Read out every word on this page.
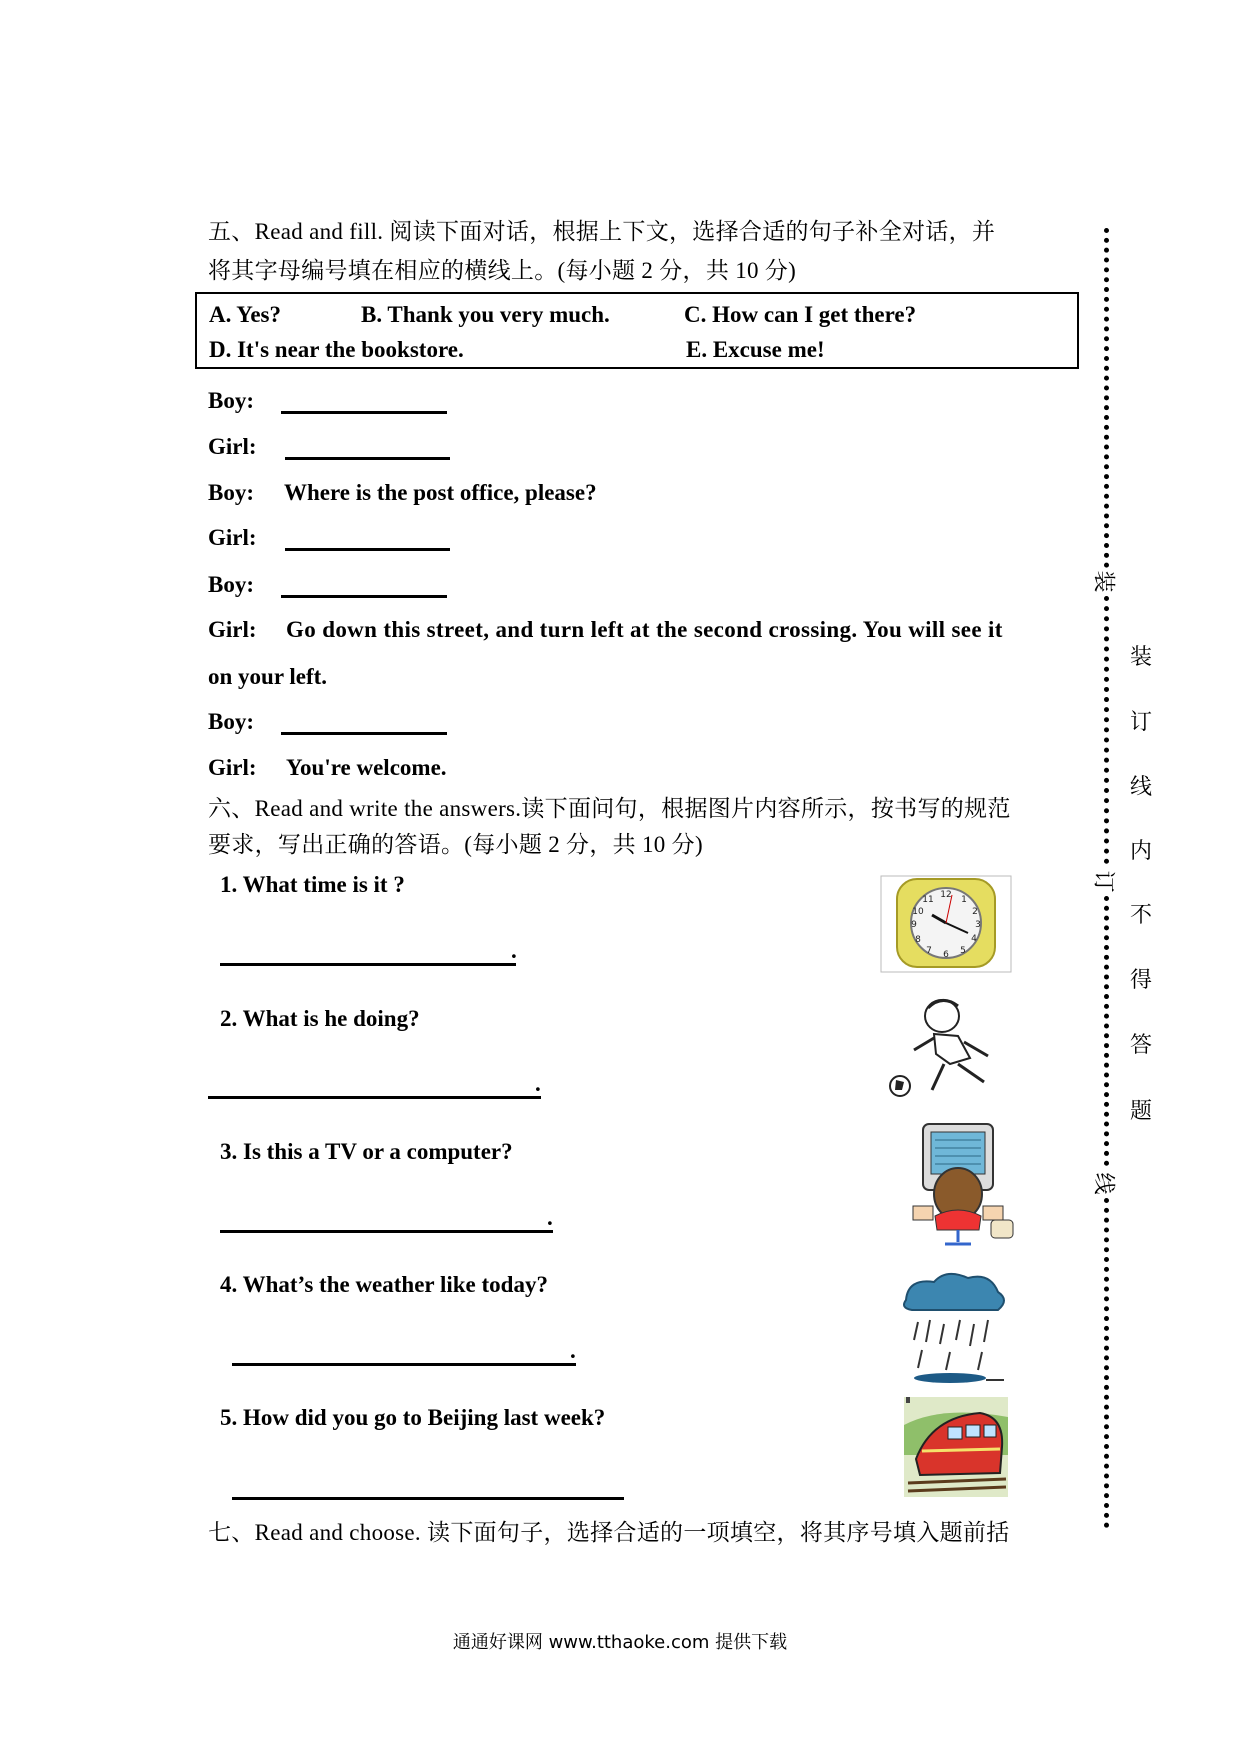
五、Read and fill. 阅读下面对话，根据上下文，选择合适的句子补全对话，并
将其字母编号填在相应的横线上。(每小题 2 分，共 10 分)
A. Yes?	B. Thank you very much.	C. How can I get there?
D. It's near the bookstore.	E. Excuse me!
Boy:
Girl:
Boy: Where is the post office, please?
Girl:
Boy:
Girl: Go down this street, and turn left at the second crossing. You will see it
on your left.
Boy:
Girl: You're welcome.
六、Read and write the answers.读下面问句，根据图片内容所示，按书写的规范
要求，写出正确的答语。(每小题 2 分，共 10 分)
1. What time is it ?
.
12 1
2
3
4
5
6
7
8
9
10
11
2. What is he doing?
.
3. Is this a TV or a computer?
.
4. What’s the weather like today?
.
5. How did you go to Beijing last week?
七、Read and choose. 读下面句子，选择合适的一项填空，将其序号填入题前括
装
订
线
装
订
线
内
不
得
答
题
通通好课网 www.tthaoke.com 提供下载
